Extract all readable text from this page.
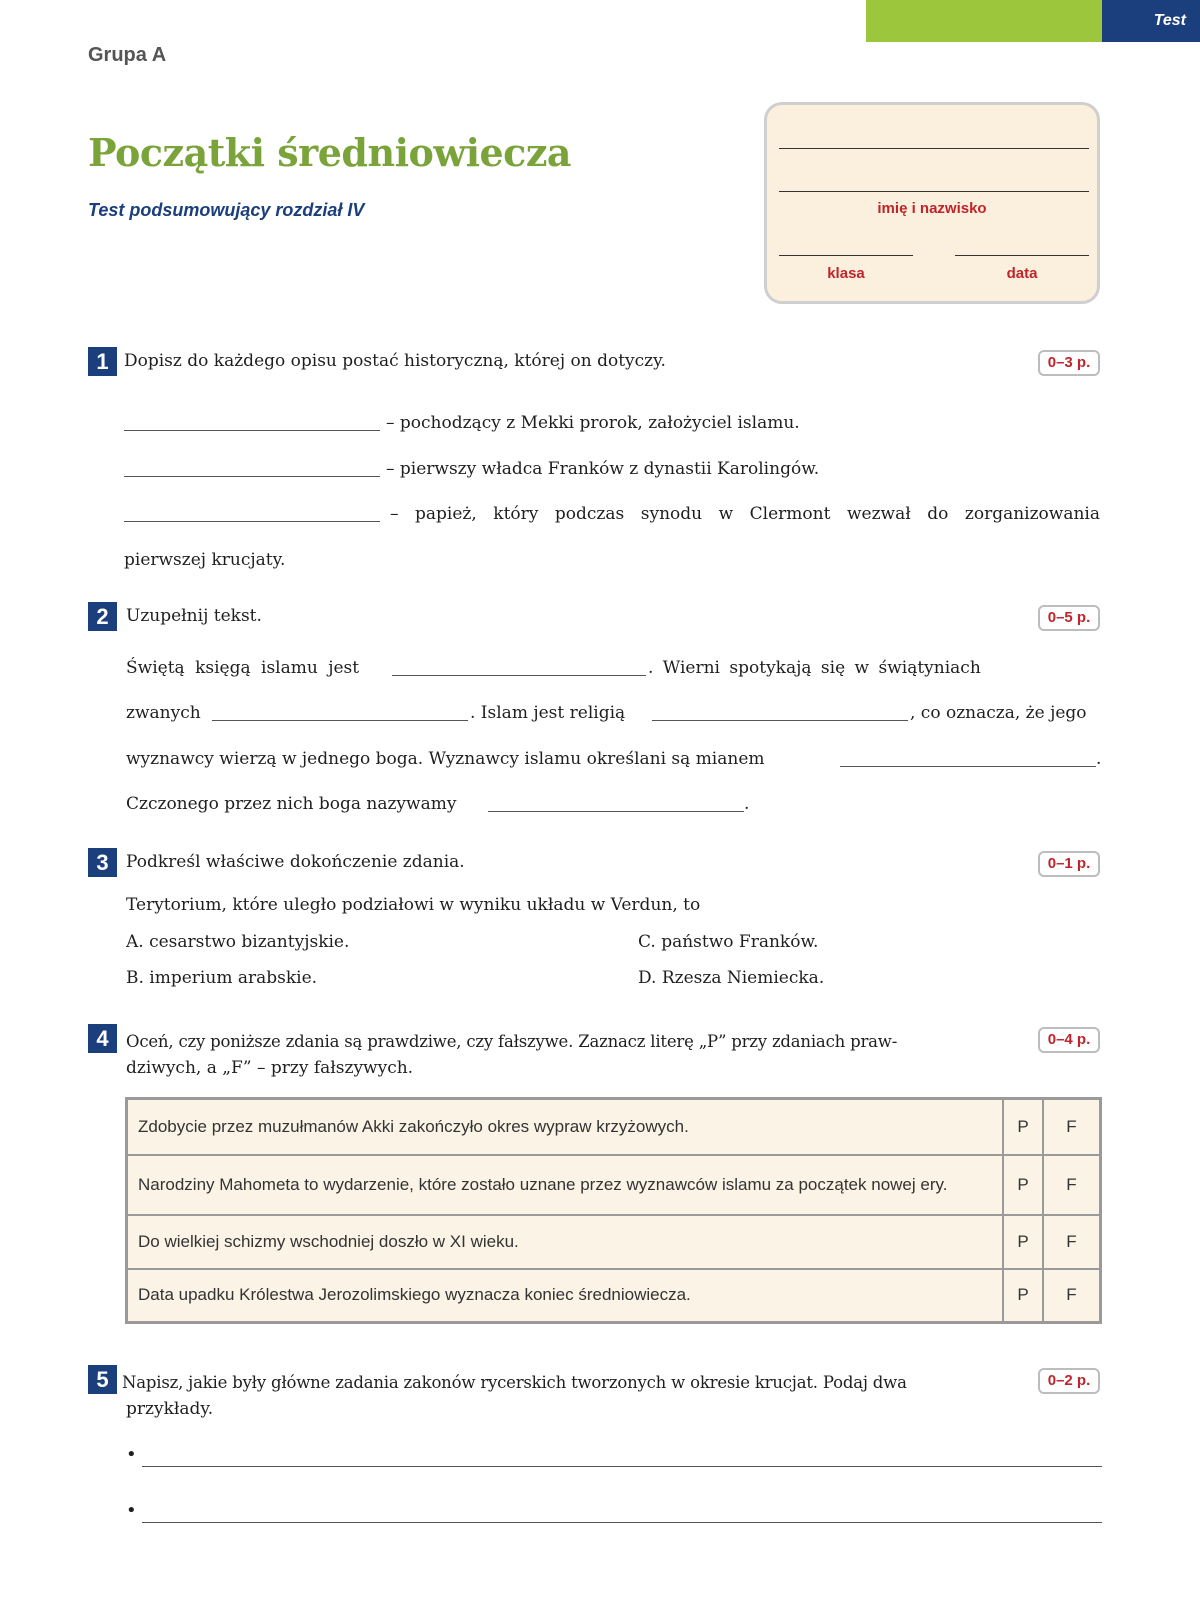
Test
Grupa A
Początki średniowiecza
Test podsumowujący rozdział IV	imię i nazwisko
klasa	data
1 Dopisz do każdego opisu postać historyczną, której on dotyczy.	0–3 p.
– pochodzący z Mekki prorok, założyciel islamu.
– pierwszy władca Franków z dynastii Karolingów.
– papież, który podczas synodu w Clermont wezwał do zorganizowania
pierwszej krucjaty.
2	Uzupełnij tekst.	0–5 p.
Świętą księgą islamu jest	. Wierni spotykają się w świątyniach
zwanych	. Islam jest religią	, co oznacza, że jego
wyznawcy wierzą w jednego boga. Wyznawcy islamu określani są mianem	.
Czczonego przez nich boga nazywamy	.
3	Podkreśl właściwe dokończenie zdania.	0–1 p.
Terytorium, które uległo podziałowi w wyniku układu w Verdun, to
A. cesarstwo bizantyjskie.	C. państwo Franków.
B. imperium arabskie.	D. Rzesza Niemiecka.
4	Oceń, czy poniższe zdania są prawdziwe, czy fałszywe. Zaznacz literę „P” przy zdaniach praw-
dziwych, a „F” – przy fałszywych.
0–4 p.
Zdobycie przez muzułmanów Akki zakończyło okres wypraw krzyżowych.	P	F
Narodziny Mahometa to wydarzenie, które zostało uznane przez wyznawców islamu za początek nowej ery.	P	F
Do wielkiej schizmy wschodniej doszło w XI wieku.	P	F
Data upadku Królestwa Jerozolimskiego wyznacza koniec średniowiecza.	P	F
5 Napisz, jakie były główne zadania zakonów rycerskich tworzonych w okresie krucjat. Podaj dwa
przykłady.
0–2 p.
•
•
